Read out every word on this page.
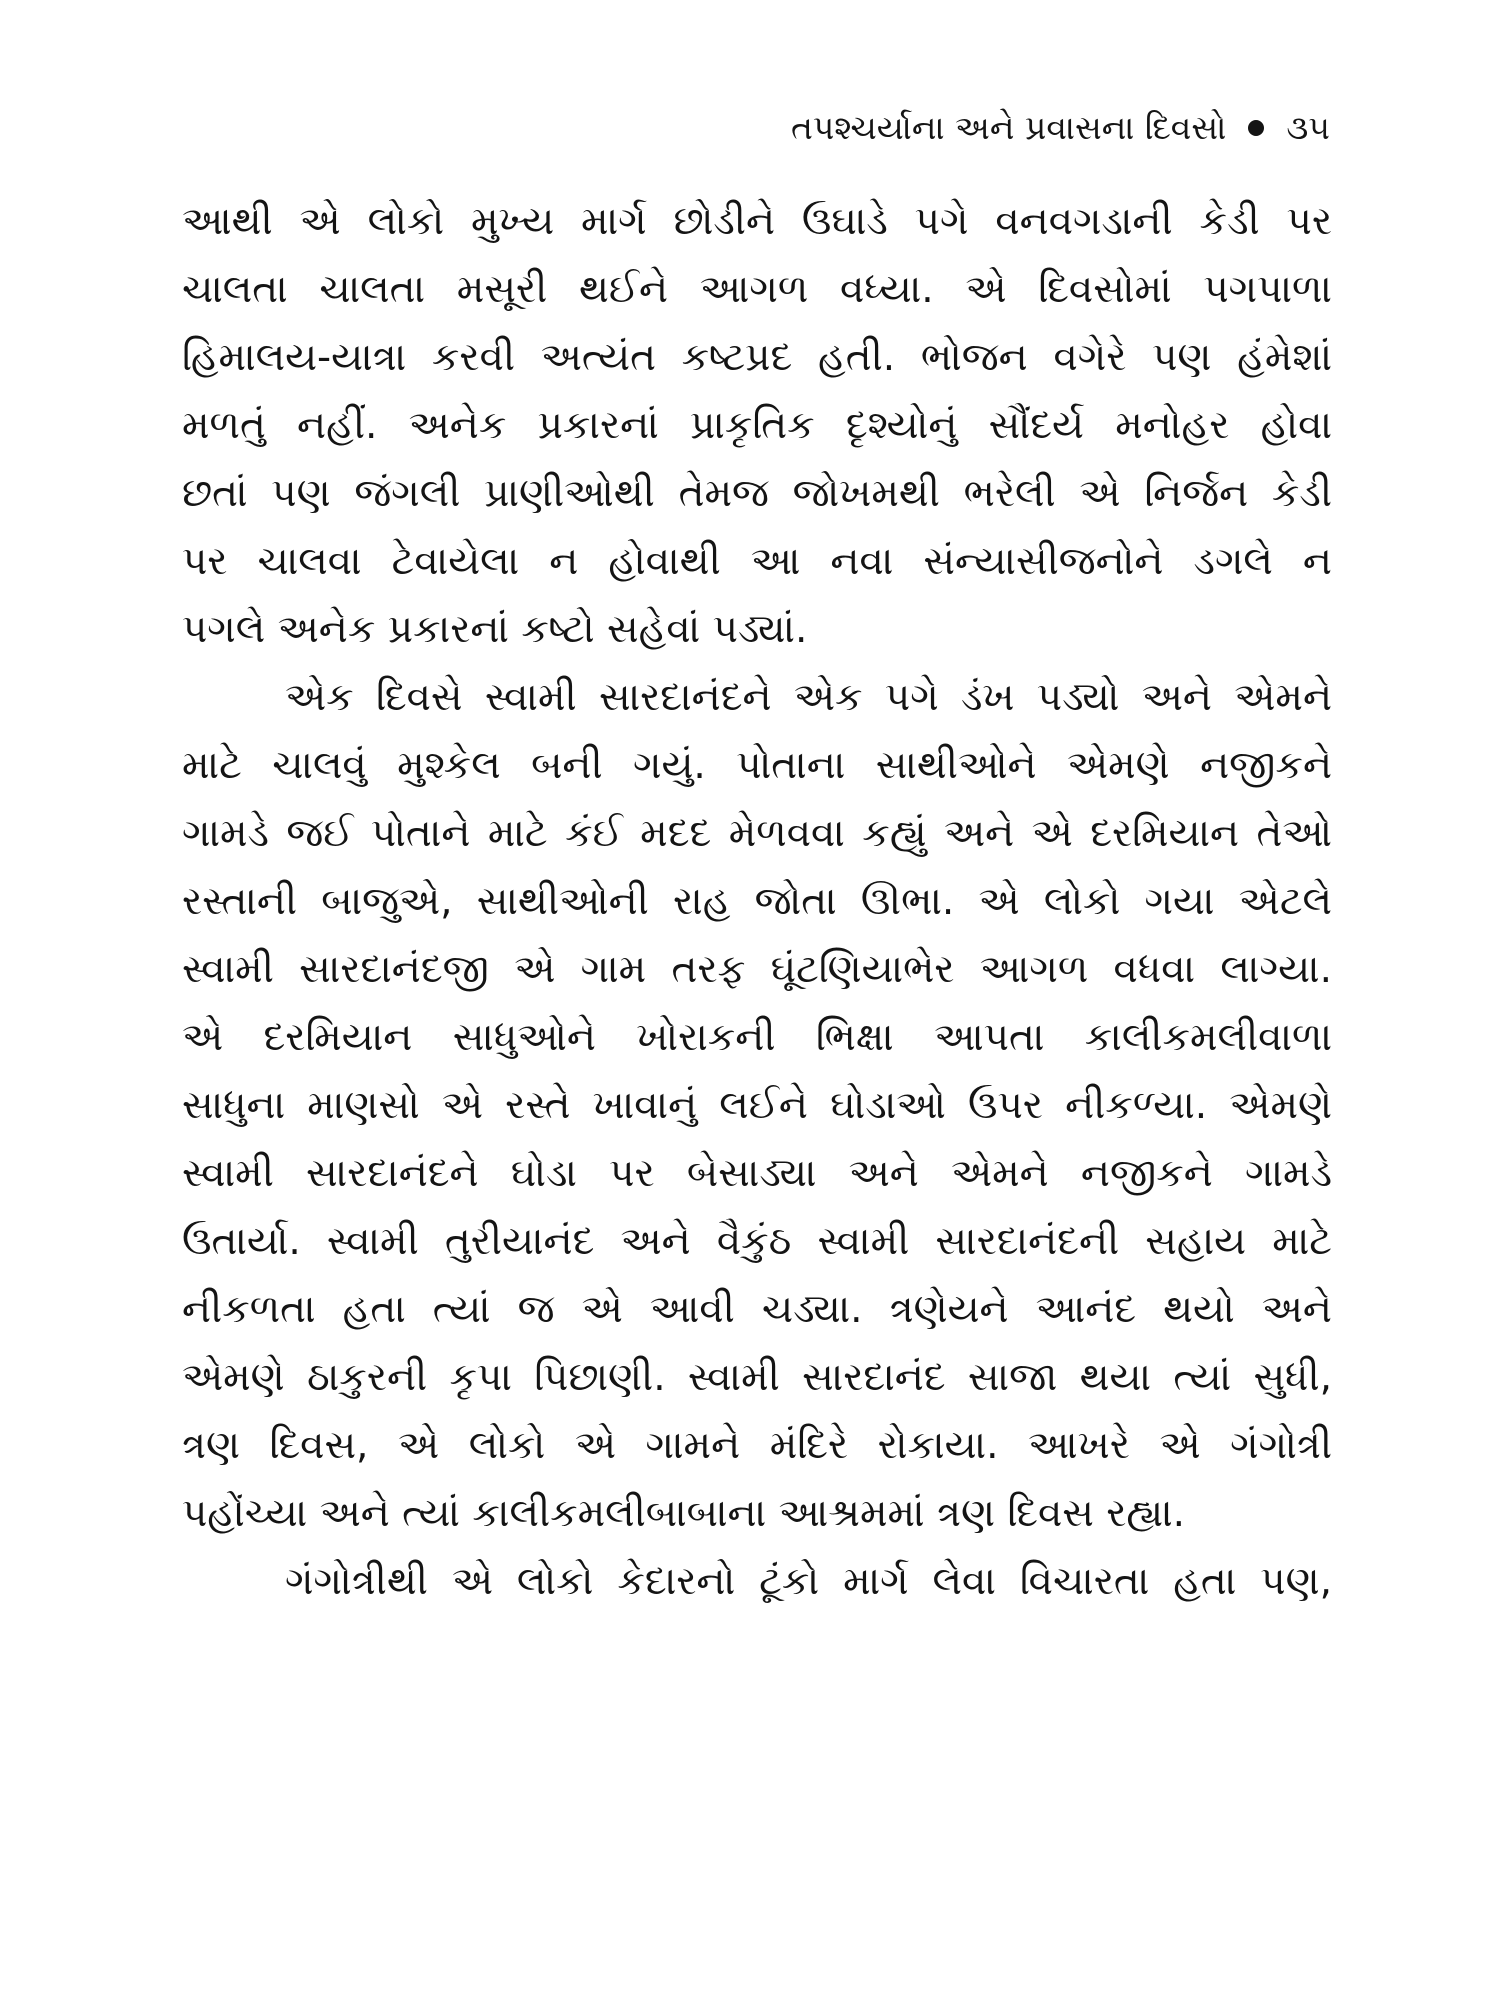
તપશ્ચર્યાના અને પ્રવાસના દિવસો ૩૫
આથી એ લોકો મુખ્ય માર્ગ છોડીને ઉઘાડે પગે વનવગડાની કેડી પર
ચાલતા ચાલતા મસૂરી થઈને આગળ વધ્યા. એ દિવસોમાં પગપાળા
હિમાલય-યાત્રા કરવી અત્યંત કષ્ટપ્રદ હતી. ભોજન વગેરે પણ હંમેશાં
મળતું નહીં. અનેક પ્રકારનાં પ્રાકૃતિક દૃશ્યોનું સૌંદર્ય મનોહર હોવા
છતાં પણ જંગલી પ્રાણીઓથી તેમજ જોખમથી ભરેલી એ નિર્જન કેડી
પર ચાલવા ટેવાયેલા ન હોવાથી આ નવા સંન્યાસીજનોને ડગલે ન
પગલે અનેક પ્રકારનાં કષ્ટો સહેવાં પડ્યાં.
એક દિવસે સ્વામી સારદાનંદને એક પગે ડંખ પડ્યો અને એમને
માટે ચાલવું મુશ્કેલ બની ગયું. પોતાના સાથીઓને એમણે નજીકને
ગામડે જઈ પોતાને માટે કંઈ મદદ મેળવવા કહ્યું અને એ દરમિયાન તેઓ
રસ્તાની બાજુએ, સાથીઓની રાહ જોતા ઊભા. એ લોકો ગયા એટલે
સ્વામી સારદાનંદજી એ ગામ તરફ ઘૂંટણિયાભેર આગળ વધવા લાગ્યા.
એ દરમિયાન સાધુઓને ખોરાકની ભિક્ષા આપતા કાલીકમલીવાળા
સાધુના માણસો એ રસ્તે ખાવાનું લઈને ઘોડાઓ ઉપર નીકળ્યા. એમણે
સ્વામી સારદાનંદને ઘોડા પર બેસાડ્યા અને એમને નજીકને ગામડે
ઉતાર્યા. સ્વામી તુરીયાનંદ અને વૈકુંઠ સ્વામી સારદાનંદની સહાય માટે
નીકળતા હતા ત્યાં જ એ આવી ચડ્યા. ત્રણેયને આનંદ થયો અને
એમણે ઠાકુરની કૃપા પિછાણી. સ્વામી સારદાનંદ સાજા થયા ત્યાં સુધી,
ત્રણ દિવસ, એ લોકો એ ગામને મંદિરે રોકાયા. આખરે એ ગંગોત્રી
પહોંચ્યા અને ત્યાં કાલીકમલીબાબાના આશ્રમમાં ત્રણ દિવસ રહ્યા.
ગંગોત્રીથી એ લોકો કેદારનો ટૂંકો માર્ગ લેવા વિચારતા હતા પણ,
